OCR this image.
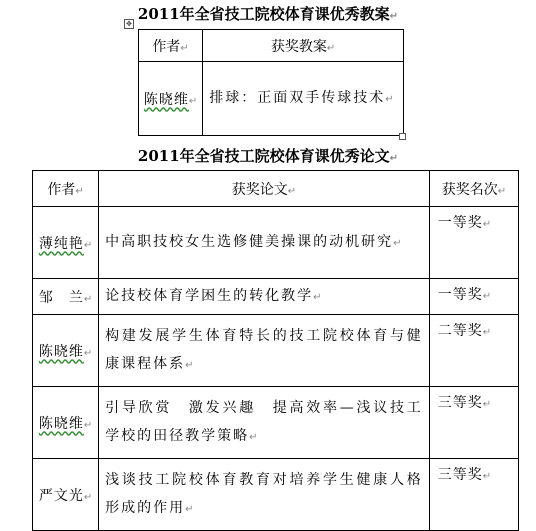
2011年全省技工院校体育课优秀教案↵
✥
作者↵	获奖教案↵
陈晓维↵	排球：正面双手传球技术↵
2011年全省技工院校体育课优秀论文↵
作者↵	获奖论文↵	获奖名次↵
薄纯艳↵	中高职技校女生选修健美操课的动机研究↵	一等奖↵
邹　兰↵	论技校体育学困生的转化教学↵	一等奖↵
陈晓维↵	构建发展学生体育特长的技工院校体育与健康课程体系↵	二等奖↵
陈晓维↵	引导欣赏　激发兴趣　提高效率—浅议技工学校的田径教学策略↵	三等奖↵
严文光↵	浅谈技工院校体育教育对培养学生健康人格形成的作用↵	三等奖↵
